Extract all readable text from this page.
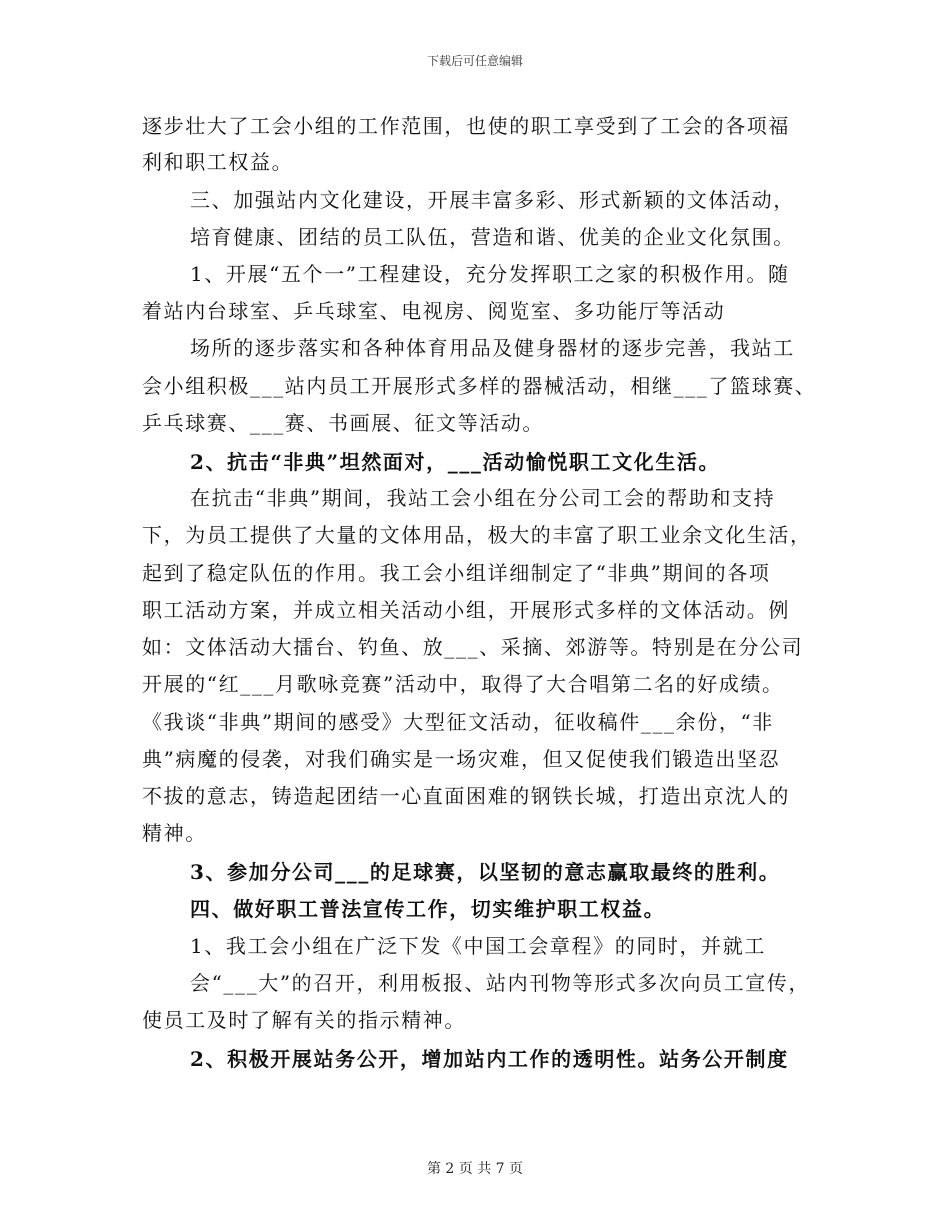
下载后可任意编辑
逐步壮大了工会小组的工作范围，也使的职工享受到了工会的各项福
利和职工权益。
三、加强站内文化建设，开展丰富多彩、形式新颖的文体活动，
培育健康、团结的员工队伍，营造和谐、优美的企业文化氛围。
1、开展“五个一”工程建设，充分发挥职工之家的积极作用。随
着站内台球室、乒乓球室、电视房、阅览室、多功能厅等活动
场所的逐步落实和各种体育用品及健身器材的逐步完善，我站工
会小组积极___站内员工开展形式多样的器械活动，相继___了篮球赛、
乒乓球赛、___赛、书画展、征文等活动。
2、抗击“非典”坦然面对，___活动愉悦职工文化生活。
在抗击“非典”期间，我站工会小组在分公司工会的帮助和支持
下，为员工提供了大量的文体用品，极大的丰富了职工业余文化生活，
起到了稳定队伍的作用。我工会小组详细制定了“非典”期间的各项
职工活动方案，并成立相关活动小组，开展形式多样的文体活动。例
如：文体活动大擂台、钓鱼、放___、采摘、郊游等。特别是在分公司
开展的“红___月歌咏竞赛”活动中，取得了大合唱第二名的好成绩。
《我谈“非典”期间的感受》大型征文活动，征收稿件___余份，“非
典”病魔的侵袭，对我们确实是一场灾难，但又促使我们锻造出坚忍
不拔的意志，铸造起团结一心直面困难的钢铁长城，打造出京沈人的
精神。
3、参加分公司___的足球赛，以坚韧的意志赢取最终的胜利。
四、做好职工普法宣传工作，切实维护职工权益。
1、我工会小组在广泛下发《中国工会章程》的同时，并就工
会“___大”的召开，利用板报、站内刊物等形式多次向员工宣传，
使员工及时了解有关的指示精神。
2、积极开展站务公开，增加站内工作的透明性。站务公开制度
第 2 页 共 7 页
